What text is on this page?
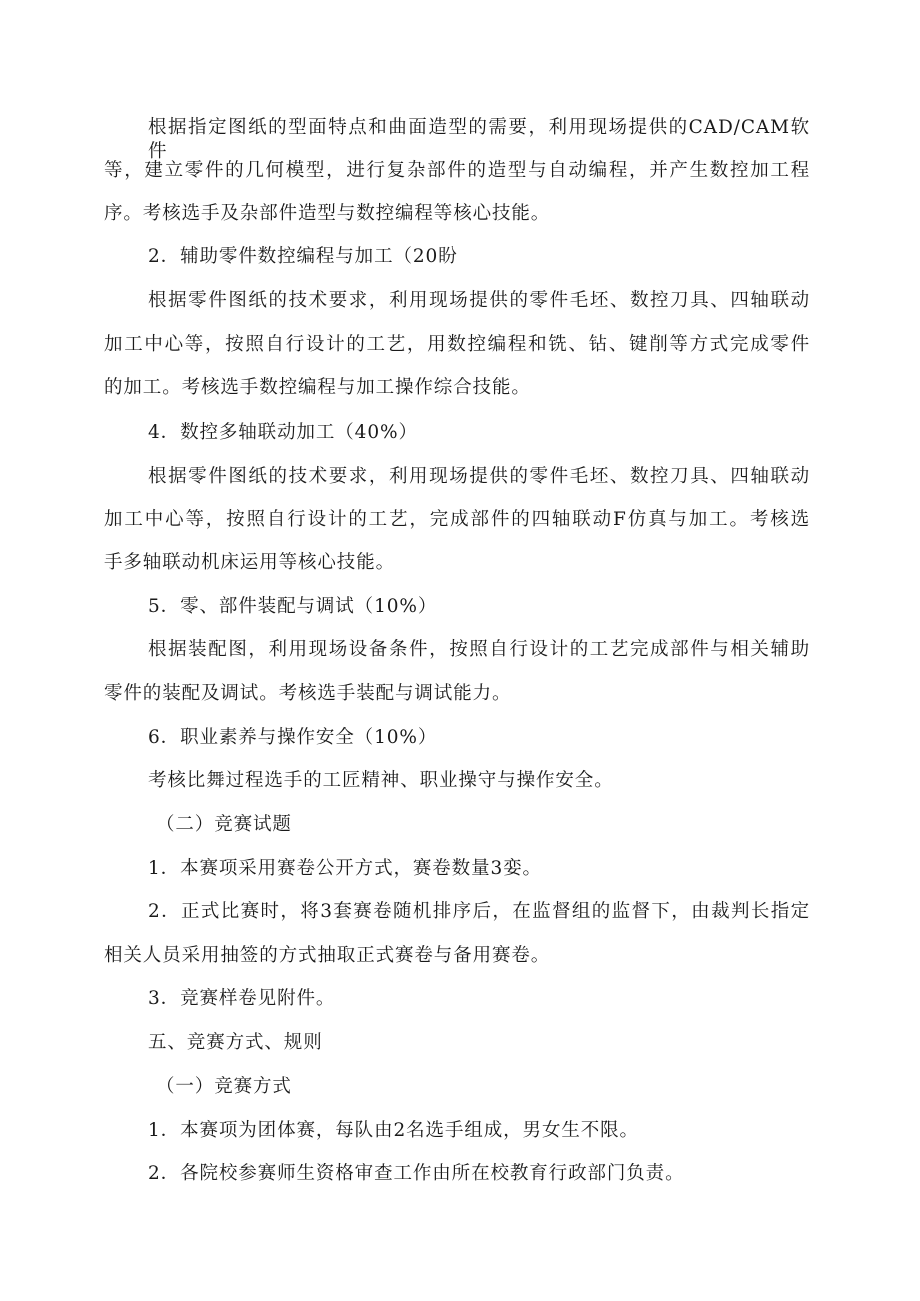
根据指定图纸的型面特点和曲面造型的需要，利用现场提供的CAD/CAM软件
等，建立零件的几何模型，进行复杂部件的造型与自动编程，并产生数控加工程
序。考核选手及杂部件造型与数控编程等核心技能。
2．辅助零件数控编程与加工（20盼
根据零件图纸的技术要求，利用现场提供的零件毛坯、数控刀具、四轴联动
加工中心等，按照自行设计的工艺，用数控编程和铣、钻、键削等方式完成零件
的加工。考核选手数控编程与加工操作综合技能。
4．数控多轴联动加工（40%）
根据零件图纸的技术要求，利用现场提供的零件毛坯、数控刀具、四轴联动
加工中心等，按照自行设计的工艺，完成部件的四轴联动F仿真与加工。考核选
手多轴联动机床运用等核心技能。
5．零、部件装配与调试（10%）
根据装配图，利用现场设备条件，按照自行设计的工艺完成部件与相关辅助
零件的装配及调试。考核选手装配与调试能力。
6．职业素养与操作安全（10%）
考核比舞过程选手的工匠精神、职业操守与操作安全。
（二）竞赛试题
1．本赛项采用赛卷公开方式，赛卷数量3娈。
2．正式比赛时，将3套赛卷随机排序后，在监督组的监督下，由裁判长指定
相关人员采用抽签的方式抽取正式赛卷与备用赛卷。
3．竞赛样卷见附件。
五、竞赛方式、规则
（一）竞赛方式
1．本赛项为团体赛，每队由2名选手组成，男女生不限。
2．各院校参赛师生资格审查工作由所在校教育行政部门负责。
